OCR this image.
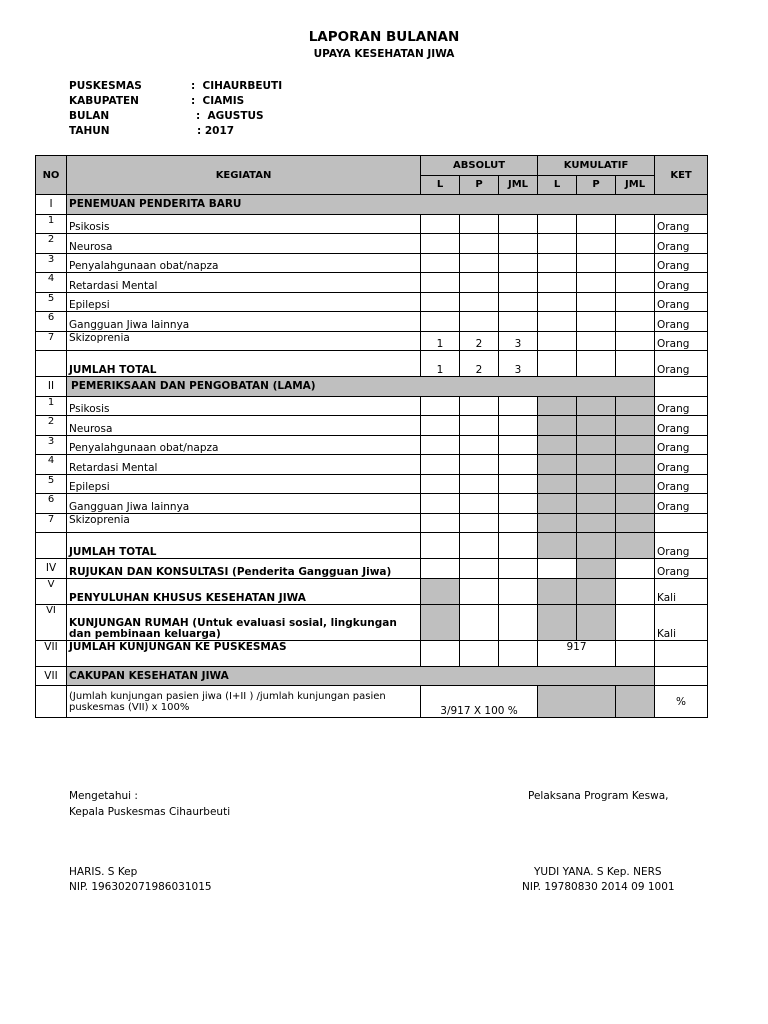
LAPORAN BULANAN
UPAYA KESEHATAN JIWA
PUSKESMAS	:  CIHAURBEUTI
KABUPATEN	:  CIAMIS
BULAN	:  AGUSTUS
TAHUN	: 2017
NO	KEGIATAN	ABSOLUT			KUMULATIF			KET
		L	P	JML	L	P	JML	
I	PENEMUAN PENDERITA BARU							
1	Psikosis							Orang
2	Neurosa							Orang
3	Penyalahgunaan obat/napza							Orang
4	Retardasi Mental							Orang
5	Epilepsi							Orang
6	Gangguan Jiwa lainnya							Orang
7	Skizoprenia	1	2	3				Orang
	JUMLAH TOTAL	1	2	3				Orang
II	PEMERIKSAAN DAN PENGOBATAN (LAMA)							
1	Psikosis							Orang
2	Neurosa							Orang
3	Penyalahgunaan obat/napza							Orang
4	Retardasi Mental							Orang
5	Epilepsi							Orang
6	Gangguan Jiwa lainnya							Orang
7	Skizoprenia							
	JUMLAH TOTAL							Orang
IV	RUJUKAN DAN KONSULTASI (Penderita Gangguan Jiwa)							Orang
V	PENYULUHAN KHUSUS KESEHATAN JIWA							Kali
VI	KUNJUNGAN RUMAH (Untuk evaluasi sosial, lingkungan dan pembinaan keluarga)							Kali
VII	JUMLAH KUNJUNGAN KE PUSKESMAS				917			
VII	CAKUPAN KESEHATAN JIWA							
	(Jumlah kunjungan pasien jiwa (I+II ) /jumlah kunjungan pasien puskesmas (VII) x 100%	3/917 X 100 %						%
Mengetahui :
Kepala Puskesmas Cihaurbeuti
HARIS. S Kep
NIP. 196302071986031015
Pelaksana Program Keswa,
YUDI YANA. S Kep. NERS
NIP. 19780830 2014 09 1001
